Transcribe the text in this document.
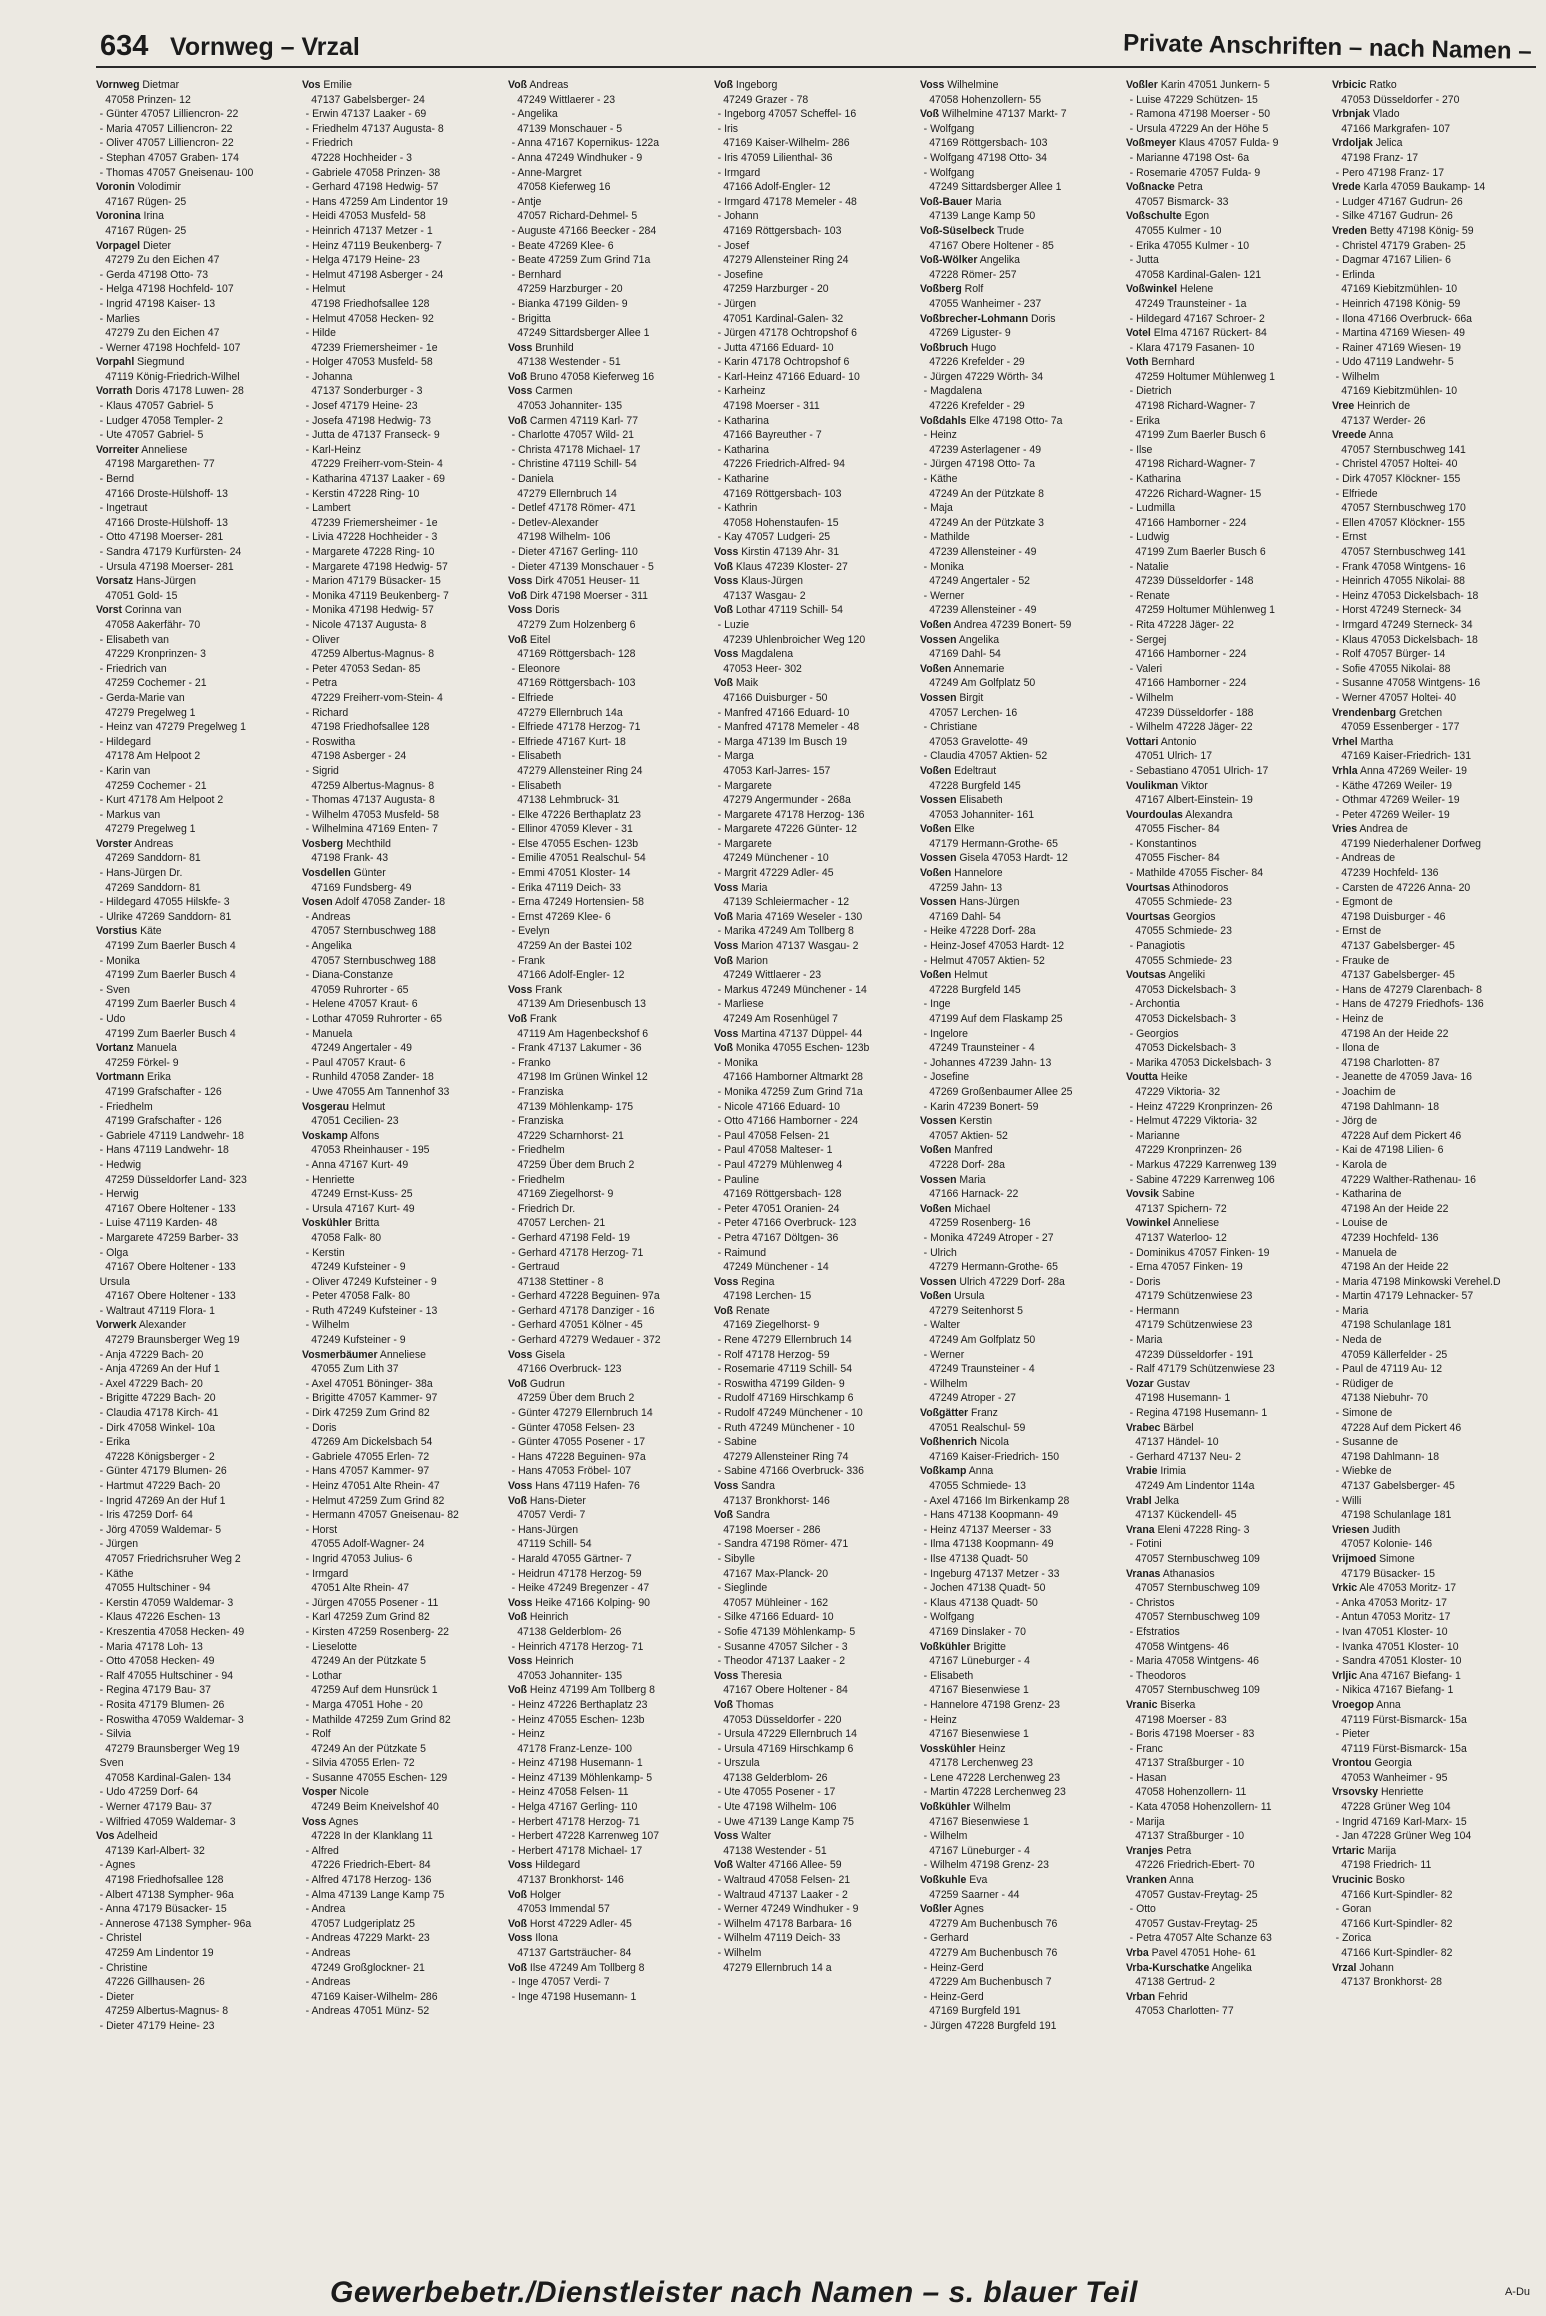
634 Vornweg – Vrzal	Private Anschriften – nach Namen –
Vornweg Dietmar
47058 Prinzen- 12
- Günter 47057 Lilliencron- 22
- Maria 47057 Lilliencron- 22
- Oliver 47057 Lilliencron- 22
- Stephan 47057 Graben- 174
- Thomas 47057 Gneisenau- 100
Voronin Volodimir
47167 Rügen- 25
Voronina Irina
47167 Rügen- 25
Vorpagel Dieter
47279 Zu den Eichen 47
- Gerda 47198 Otto- 73
- Helga 47198 Hochfeld- 107
- Ingrid 47198 Kaiser- 13
- Marlies
47279 Zu den Eichen 47
- Werner 47198 Hochfeld- 107
Vorpahl Siegmund
47119 König-Friedrich-Wilhel
Vorrath Doris 47178 Luwen- 28
- Klaus 47057 Gabriel- 5
- Ludger 47058 Templer- 2
- Ute 47057 Gabriel- 5
Vorreiter Anneliese
47198 Margarethen- 77
- Bernd
47166 Droste-Hülshoff- 13
- Ingetraut
47166 Droste-Hülshoff- 13
- Otto 47198 Moerser- 281
- Sandra 47179 Kurfürsten- 24
- Ursula 47198 Moerser- 281
Vorsatz Hans-Jürgen
47051 Gold- 15
Vorst Corinna van
47058 Aakerfähr- 70
- Elisabeth van
47229 Kronprinzen- 3
- Friedrich van
47259 Cochemer - 21
- Gerda-Marie van
47279 Pregelweg 1
- Heinz van 47279 Pregelweg 1
- Hildegard
47178 Am Helpoot 2
- Karin van
47259 Cochemer - 21
- Kurt 47178 Am Helpoot 2
- Markus van
47279 Pregelweg 1
Vorster Andreas
47269 Sanddorn- 81
- Hans-Jürgen Dr.
47269 Sanddorn- 81
- Hildegard 47055 Hilskfe- 3
- Ulrike 47269 Sanddorn- 81
Vorstius Käte
47199 Zum Baerler Busch 4
- Monika
47199 Zum Baerler Busch 4
- Sven
47199 Zum Baerler Busch 4
- Udo
47199 Zum Baerler Busch 4
Vortanz Manuela
47259 Förkel- 9
Vortmann Erika
47199 Grafschafter - 126
- Friedhelm
47199 Grafschafter - 126
- Gabriele 47119 Landwehr- 18
- Hans 47119 Landwehr- 18
- Hedwig
47259 Düsseldorfer Land- 323
- Herwig
47167 Obere Holtener - 133
- Luise 47119 Karden- 48
- Margarete 47259 Barber- 33
- Olga
47167 Obere Holtener - 133
Ursula
47167 Obere Holtener - 133
- Waltraut 47119 Flora- 1
Vorwerk Alexander
47279 Braunsberger Weg 19
- Anja 47229 Bach- 20
- Anja 47269 An der Huf 1
- Axel 47229 Bach- 20
- Brigitte 47229 Bach- 20
- Claudia 47178 Kirch- 41
- Dirk 47058 Winkel- 10a
- Erika
47228 Königsberger - 2
- Günter 47179 Blumen- 26
- Hartmut 47229 Bach- 20
- Ingrid 47269 An der Huf 1
- Iris 47259 Dorf- 64
- Jörg 47059 Waldemar- 5
- Jürgen
47057 Friedrichsruher Weg 2
- Käthe
47055 Hultschiner - 94
- Kerstin 47059 Waldemar- 3
- Klaus 47226 Eschen- 13
- Kreszentia 47058 Hecken- 49
- Maria 47178 Loh- 13
- Otto 47058 Hecken- 49
- Ralf 47055 Hultschiner - 94
- Regina 47179 Bau- 37
- Rosita 47179 Blumen- 26
- Roswitha 47059 Waldemar- 3
- Silvia
47279 Braunsberger Weg 19
Sven
47058 Kardinal-Galen- 134
- Udo 47259 Dorf- 64
- Werner 47179 Bau- 37
- Wilfried 47059 Waldemar- 3
Vos Adelheid
47139 Karl-Albert- 32
- Agnes
47198 Friedhofsallee 128
- Albert 47138 Sympher- 96a
- Anna 47179 Büsacker- 15
- Annerose 47138 Sympher- 96a
- Christel
47259 Am Lindentor 19
- Christine
47226 Gillhausen- 26
- Dieter
47259 Albertus-Magnus- 8
- Dieter 47179 Heine- 23
Vos Emilie
47137 Gabelsberger- 24
- Erwin 47137 Laaker - 69
- Friedhelm 47137 Augusta- 8
- Friedrich
47228 Hochheider - 3
- Gabriele 47058 Prinzen- 38
- Gerhard 47198 Hedwig- 57
- Hans 47259 Am Lindentor 19
- Heidi 47053 Musfeld- 58
- Heinrich 47137 Metzer - 1
- Heinz 47119 Beukenberg- 7
- Helga 47179 Heine- 23
- Helmut 47198 Asberger - 24
- Helmut
47198 Friedhofsallee 128
- Helmut 47058 Hecken- 92
- Hilde
47239 Friemersheimer - 1e
- Holger 47053 Musfeld- 58
- Johanna
47137 Sonderburger - 3
- Josef 47179 Heine- 23
- Josefa 47198 Hedwig- 73
- Jutta de 47137 Franseck- 9
- Karl-Heinz
47229 Freiherr-vom-Stein- 4
- Katharina 47137 Laaker - 69
- Kerstin 47228 Ring- 10
- Lambert
47239 Friemersheimer - 1e
- Livia 47228 Hochheider - 3
- Margarete 47228 Ring- 10
- Margarete 47198 Hedwig- 57
- Marion 47179 Büsacker- 15
- Monika 47119 Beukenberg- 7
- Monika 47198 Hedwig- 57
- Nicole 47137 Augusta- 8
- Oliver
47259 Albertus-Magnus- 8
- Peter 47053 Sedan- 85
- Petra
47229 Freiherr-vom-Stein- 4
- Richard
47198 Friedhofsallee 128
- Roswitha
47198 Asberger - 24
- Sigrid
47259 Albertus-Magnus- 8
- Thomas 47137 Augusta- 8
- Wilhelm 47053 Musfeld- 58
- Wilhelmina 47169 Enten- 7
Vosberg Mechthild
47198 Frank- 43
Vosdellen Günter
47169 Fundsberg- 49
Vosen Adolf 47058 Zander- 18
- Andreas
47057 Sternbuschweg 188
- Angelika
47057 Sternbuschweg 188
- Diana-Constanze
47059 Ruhrorter - 65
- Helene 47057 Kraut- 6
- Lothar 47059 Ruhrorter - 65
- Manuela
47249 Angertaler - 49
- Paul 47057 Kraut- 6
- Runhild 47058 Zander- 18
- Uwe 47055 Am Tannenhof 33
Vosgerau Helmut
47051 Cecilien- 23
Voskamp Alfons
47053 Rheinhauser - 195
- Anna 47167 Kurt- 49
- Henriette
47249 Ernst-Kuss- 25
- Ursula 47167 Kurt- 49
Voskühler Britta
47058 Falk- 80
- Kerstin
47249 Kufsteiner - 9
- Oliver 47249 Kufsteiner - 9
- Peter 47058 Falk- 80
- Ruth 47249 Kufsteiner - 13
- Wilhelm
47249 Kufsteiner - 9
Vosmerbäumer Anneliese
47055 Zum Lith 37
- Axel 47051 Böninger- 38a
- Brigitte 47057 Kammer- 97
- Dirk 47259 Zum Grind 82
- Doris
47269 Am Dickelsbach 54
- Gabriele 47055 Erlen- 72
- Hans 47057 Kammer- 97
- Heinz 47051 Alte Rhein- 47
- Helmut 47259 Zum Grind 82
- Hermann 47057 Gneisenau- 82
- Horst
47055 Adolf-Wagner- 24
- Ingrid 47053 Julius- 6
- Irmgard
47051 Alte Rhein- 47
- Jürgen 47055 Posener - 11
- Karl 47259 Zum Grind 82
- Kirsten 47259 Rosenberg- 22
- Lieselotte
47249 An der Pützkate 5
- Lothar
47259 Auf dem Hunsrück 1
- Marga 47051 Hohe - 20
- Mathilde 47259 Zum Grind 82
- Rolf
47249 An der Pützkate 5
- Silvia 47055 Erlen- 72
- Susanne 47055 Eschen- 129
Vosper Nicole
47249 Beim Kneivelshof 40
Voss Agnes
47228 In der Klanklang 11
- Alfred
47226 Friedrich-Ebert- 84
- Alfred 47178 Herzog- 136
- Alma 47139 Lange Kamp 75
- Andrea
47057 Ludgeriplatz 25
- Andreas 47229 Markt- 23
- Andreas
47249 Großglockner- 21
- Andreas
47169 Kaiser-Wilhelm- 286
- Andreas 47051 Münz- 52
Voß Andreas
47249 Wittlaerer - 23
- Angelika
47139 Monschauer - 5
- Anna 47167 Kopernikus- 122a
- Anna 47249 Windhuker - 9
- Anne-Margret
47058 Kieferweg 16
- Antje
47057 Richard-Dehmel- 5
- Auguste 47166 Beecker - 284
- Beate 47269 Klee- 6
- Beate 47259 Zum Grind 71a
- Bernhard
47259 Harzburger - 20
- Bianka 47199 Gilden- 9
- Brigitta
47249 Sittardsberger Allee 1
Voss Brunhild
47138 Westender - 51
Voß Bruno 47058 Kieferweg 16
Voss Carmen
47053 Johanniter- 135
Voß Carmen 47119 Karl- 77
- Charlotte 47057 Wild- 21
- Christa 47178 Michael- 17
- Christine 47119 Schill- 54
- Daniela
47279 Ellernbruch 14
- Detlef 47178 Römer- 471
- Detlev-Alexander
47198 Wilhelm- 106
- Dieter 47167 Gerling- 110
- Dieter 47139 Monschauer - 5
Voss Dirk 47051 Heuser- 11
Voß Dirk 47198 Moerser - 311
Voss Doris
47279 Zum Holzenberg 6
Voß Eitel
47169 Röttgersbach- 128
- Eleonore
47169 Röttgersbach- 103
- Elfriede
47279 Ellernbruch 14a
- Elfriede 47178 Herzog- 71
- Elfriede 47167 Kurt- 18
- Elisabeth
47279 Allensteiner Ring 24
- Elisabeth
47138 Lehmbruck- 31
- Elke 47226 Berthaplatz 23
- Ellinor 47059 Klever - 31
- Else 47055 Eschen- 123b
- Emilie 47051 Realschul- 54
- Emmi 47051 Kloster- 14
- Erika 47119 Deich- 33
- Erna 47249 Hortensien- 58
- Ernst 47269 Klee- 6
- Evelyn
47259 An der Bastei 102
- Frank
47166 Adolf-Engler- 12
Voss Frank
47139 Am Driesenbusch 13
Voß Frank
47119 Am Hagenbeckshof 6
- Frank 47137 Lakumer - 36
- Franko
47198 Im Grünen Winkel 12
- Franziska
47139 Möhlenkamp- 175
- Franziska
47229 Scharnhorst- 21
- Friedhelm
47259 Über dem Bruch 2
- Friedhelm
47169 Ziegelhorst- 9
- Friedrich Dr.
47057 Lerchen- 21
- Gerhard 47198 Feld- 19
- Gerhard 47178 Herzog- 71
- Gertraud
47138 Stettiner - 8
- Gerhard 47228 Beguinen- 97a
- Gerhard 47178 Danziger - 16
- Gerhard 47051 Kölner - 45
- Gerhard 47279 Wedauer - 372
Voss Gisela
47166 Overbruck- 123
Voß Gudrun
47259 Über dem Bruch 2
- Günter 47279 Ellernbruch 14
- Günter 47058 Felsen- 23
- Günter 47055 Posener - 17
- Hans 47228 Beguinen- 97a
- Hans 47053 Fröbel- 107
Voss Hans 47119 Hafen- 76
Voß Hans-Dieter
47057 Verdi- 7
- Hans-Jürgen
47119 Schill- 54
- Harald 47055 Gärtner- 7
- Heidrun 47178 Herzog- 59
- Heike 47249 Bregenzer - 47
Voss Heike 47166 Kolping- 90
Voß Heinrich
47138 Gelderblom- 26
- Heinrich 47178 Herzog- 71
Voss Heinrich
47053 Johanniter- 135
Voß Heinz 47199 Am Tollberg 8
- Heinz 47226 Berthaplatz 23
- Heinz 47055 Eschen- 123b
- Heinz
47178 Franz-Lenze- 100
- Heinz 47198 Husemann- 1
- Heinz 47139 Möhlenkamp- 5
- Heinz 47058 Felsen- 11
- Helga 47167 Gerling- 110
- Herbert 47178 Herzog- 71
- Herbert 47228 Karrenweg 107
- Herbert 47178 Michael- 17
Voss Hildegard
47137 Bronkhorst- 146
Voß Holger
47053 Immendal 57
Voß Horst 47229 Adler- 45
Voss Ilona
47137 Gartsträucher- 84
Voß Ilse 47249 Am Tollberg 8
- Inge 47057 Verdi- 7
- Inge 47198 Husemann- 1
Voß Ingeborg
47249 Grazer - 78
- Ingeborg 47057 Scheffel- 16
- Iris
47169 Kaiser-Wilhelm- 286
- Iris 47059 Lilienthal- 36
- Irmgard
47166 Adolf-Engler- 12
- Irmgard 47178 Memeler - 48
- Johann
47169 Röttgersbach- 103
- Josef
47279 Allensteiner Ring 24
- Josefine
47259 Harzburger - 20
- Jürgen
47051 Kardinal-Galen- 32
- Jürgen 47178 Ochtropshof 6
- Jutta 47166 Eduard- 10
- Karin 47178 Ochtropshof 6
- Karl-Heinz 47166 Eduard- 10
- Karheinz
47198 Moerser - 311
- Katharina
47166 Bayreuther - 7
- Katharina
47226 Friedrich-Alfred- 94
- Katharine
47169 Röttgersbach- 103
- Kathrin
47058 Hohenstaufen- 15
- Kay 47057 Ludgeri- 25
Voss Kirstin 47139 Ahr- 31
Voß Klaus 47239 Kloster- 27
Voss Klaus-Jürgen
47137 Wasgau- 2
Voß Lothar 47119 Schill- 54
- Luzie
47239 Uhlenbroicher Weg 120
Voss Magdalena
47053 Heer- 302
Voß Maik
47166 Duisburger - 50
- Manfred 47166 Eduard- 10
- Manfred 47178 Memeler - 48
- Marga 47139 Im Busch 19
- Marga
47053 Karl-Jarres- 157
- Margarete
47279 Angermunder - 268a
- Margarete 47178 Herzog- 136
- Margarete 47226 Günter- 12
- Margarete
47249 Münchener - 10
- Margrit 47229 Adler- 45
Voss Maria
47139 Schleiermacher - 12
Voß Maria 47169 Weseler - 130
- Marika 47249 Am Tollberg 8
Voss Marion 47137 Wasgau- 2
Voß Marion
47249 Wittlaerer - 23
- Markus 47249 Münchener - 14
- Marliese
47249 Am Rosenhügel 7
Voss Martina 47137 Düppel- 44
Voß Monika 47055 Eschen- 123b
- Monika
47166 Hamborner Altmarkt 28
- Monika 47259 Zum Grind 71a
- Nicole 47166 Eduard- 10
- Otto 47166 Hamborner - 224
- Paul 47058 Felsen- 21
- Paul 47058 Malteser- 1
- Paul 47279 Mühlenweg 4
- Pauline
47169 Röttgersbach- 128
- Peter 47051 Oranien- 24
- Peter 47166 Overbruck- 123
- Petra 47167 Döltgen- 36
- Raimund
47249 Münchener - 14
Voss Regina
47198 Lerchen- 15
Voß Renate
47169 Ziegelhorst- 9
- Rene 47279 Ellernbruch 14
- Rolf 47178 Herzog- 59
- Rosemarie 47119 Schill- 54
- Roswitha 47199 Gilden- 9
- Rudolf 47169 Hirschkamp 6
- Rudolf 47249 Münchener - 10
- Ruth 47249 Münchener - 10
- Sabine
47279 Allensteiner Ring 74
- Sabine 47166 Overbruck- 336
Voss Sandra
47137 Bronkhorst- 146
Voß Sandra
47198 Moerser - 286
- Sandra 47198 Römer- 471
- Sibylle
47167 Max-Planck- 20
- Sieglinde
47057 Mühleiner - 162
- Silke 47166 Eduard- 10
- Sofie 47139 Möhlenkamp- 5
- Susanne 47057 Silcher - 3
- Theodor 47137 Laaker - 2
Voss Theresia
47167 Obere Holtener - 84
Voß Thomas
47053 Düsseldorfer - 220
- Ursula 47229 Ellernbruch 14
- Ursula 47169 Hirschkamp 6
- Urszula
47138 Gelderblom- 26
- Ute 47055 Posener - 17
- Ute 47198 Wilhelm- 106
- Uwe 47139 Lange Kamp 75
Voss Walter
47138 Westender - 51
Voß Walter 47166 Allee- 59
- Waltraud 47058 Felsen- 21
- Waltraud 47137 Laaker - 2
- Werner 47249 Windhuker - 9
- Wilhelm 47178 Barbara- 16
- Wilhelm 47119 Deich- 33
- Wilhelm
47279 Ellernbruch 14 a
Voss Wilhelmine
47058 Hohenzollern- 55
Voß Wilhelmine 47137 Markt- 7
- Wolfgang
47169 Röttgersbach- 103
- Wolfgang 47198 Otto- 34
- Wolfgang
47249 Sittardsberger Allee 1
Voß-Bauer Maria
47139 Lange Kamp 50
Voß-Süselbeck Trude
47167 Obere Holtener - 85
Voß-Wölker Angelika
47228 Römer- 257
Voßberg Rolf
47055 Wanheimer - 237
Voßbrecher-Lohmann Doris
47269 Liguster- 9
Voßbruch Hugo
47226 Krefelder - 29
- Jürgen 47229 Wörth- 34
- Magdalena
47226 Krefelder - 29
Voßdahls Elke 47198 Otto- 7a
- Heinz
47239 Asterlagener - 49
- Jürgen 47198 Otto- 7a
- Käthe
47249 An der Pützkate 8
- Maja
47249 An der Pützkate 3
- Mathilde
47239 Allensteiner - 49
- Monika
47249 Angertaler - 52
- Werner
47239 Allensteiner - 49
Voßen Andrea 47239 Bonert- 59
Vossen Angelika
47169 Dahl- 54
Voßen Annemarie
47249 Am Golfplatz 50
Vossen Birgit
47057 Lerchen- 16
- Christiane
47053 Gravelotte- 49
- Claudia 47057 Aktien- 52
Voßen Edeltraut
47228 Burgfeld 145
Vossen Elisabeth
47053 Johanniter- 161
Voßen Elke
47179 Hermann-Grothe- 65
Vossen Gisela 47053 Hardt- 12
Voßen Hannelore
47259 Jahn- 13
Vossen Hans-Jürgen
47169 Dahl- 54
- Heike 47228 Dorf- 28a
- Heinz-Josef 47053 Hardt- 12
- Helmut 47057 Aktien- 52
Voßen Helmut
47228 Burgfeld 145
- Inge
47199 Auf dem Flaskamp 25
- Ingelore
47249 Traunsteiner - 4
- Johannes 47239 Jahn- 13
- Josefine
47269 Großenbaumer Allee 25
- Karin 47239 Bonert- 59
Vossen Kerstin
47057 Aktien- 52
Voßen Manfred
47228 Dorf- 28a
Vossen Maria
47166 Harnack- 22
Voßen Michael
47259 Rosenberg- 16
- Monika 47249 Atroper - 27
- Ulrich
47279 Hermann-Grothe- 65
Vossen Ulrich 47229 Dorf- 28a
Voßen Ursula
47279 Seitenhorst 5
- Walter
47249 Am Golfplatz 50
- Werner
47249 Traunsteiner - 4
- Wilhelm
47249 Atroper - 27
Voßgätter Franz
47051 Realschul- 59
Voßhenrich Nicola
47169 Kaiser-Friedrich- 150
Voßkamp Anna
47055 Schmiede- 13
- Axel 47166 Im Birkenkamp 28
- Hans 47138 Koopmann- 49
- Heinz 47137 Meerser - 33
- Ilma 47138 Koopmann- 49
- Ilse 47138 Quadt- 50
- Ingeburg 47137 Metzer - 33
- Jochen 47138 Quadt- 50
- Klaus 47138 Quadt- 50
- Wolfgang
47169 Dinslaker - 70
Voßkühler Brigitte
47167 Lüneburger - 4
- Elisabeth
47167 Biesenwiese 1
- Hannelore 47198 Grenz- 23
- Heinz
47167 Biesenwiese 1
Vosskühler Heinz
47178 Lerchenweg 23
- Lene 47228 Lerchenweg 23
- Martin 47228 Lerchenweg 23
Voßkühler Wilhelm
47167 Biesenwiese 1
- Wilhelm
47167 Lüneburger - 4
- Wilhelm 47198 Grenz- 23
Voßkuhle Eva
47259 Saarner - 44
Voßler Agnes
47279 Am Buchenbusch 76
- Gerhard
47279 Am Buchenbusch 76
- Heinz-Gerd
47229 Am Buchenbusch 7
- Heinz-Gerd
47169 Burgfeld 191
- Jürgen 47228 Burgfeld 191
Voßler Karin 47051 Junkern- 5
- Luise 47229 Schützen- 15
- Ramona 47198 Moerser - 50
- Ursula 47229 An der Höhe 5
Voßmeyer Klaus 47057 Fulda- 9
- Marianne 47198 Ost- 6a
- Rosemarie 47057 Fulda- 9
Voßnacke Petra
47057 Bismarck- 33
Voßschulte Egon
47055 Kulmer - 10
- Erika 47055 Kulmer - 10
- Jutta
47058 Kardinal-Galen- 121
Voßwinkel Helene
47249 Traunsteiner - 1a
- Hildegard 47167 Schroer- 2
Votel Elma 47167 Rückert- 84
- Klara 47179 Fasanen- 10
Voth Bernhard
47259 Holtumer Mühlenweg 1
- Dietrich
47198 Richard-Wagner- 7
- Erika
47199 Zum Baerler Busch 6
- Ilse
47198 Richard-Wagner- 7
- Katharina
47226 Richard-Wagner- 15
- Ludmilla
47166 Hamborner - 224
- Ludwig
47199 Zum Baerler Busch 6
- Natalie
47239 Düsseldorfer - 148
- Renate
47259 Holtumer Mühlenweg 1
- Rita 47228 Jäger- 22
- Sergej
47166 Hamborner - 224
- Valeri
47166 Hamborner - 224
- Wilhelm
47239 Düsseldorfer - 188
- Wilhelm 47228 Jäger- 22
Vottari Antonio
47051 Ulrich- 17
- Sebastiano 47051 Ulrich- 17
Voulikman Viktor
47167 Albert-Einstein- 19
Vourdoulas Alexandra
47055 Fischer- 84
- Konstantinos
47055 Fischer- 84
- Mathilde 47055 Fischer- 84
Vourtsas Athinodoros
47055 Schmiede- 23
Vourtsas Georgios
47055 Schmiede- 23
- Panagiotis
47055 Schmiede- 23
Voutsas Angeliki
47053 Dickelsbach- 3
- Archontia
47053 Dickelsbach- 3
- Georgios
47053 Dickelsbach- 3
- Marika 47053 Dickelsbach- 3
Voutta Heike
47229 Viktoria- 32
- Heinz 47229 Kronprinzen- 26
- Helmut 47229 Viktoria- 32
- Marianne
47229 Kronprinzen- 26
- Markus 47229 Karrenweg 139
- Sabine 47229 Karrenweg 106
Vovsik Sabine
47137 Spichern- 72
Vowinkel Anneliese
47137 Waterloo- 12
- Dominikus 47057 Finken- 19
- Erna 47057 Finken- 19
- Doris
47179 Schützenwiese 23
- Hermann
47179 Schützenwiese 23
- Maria
47239 Düsseldorfer - 191
- Ralf 47179 Schützenwiese 23
Vozar Gustav
47198 Husemann- 1
- Regina 47198 Husemann- 1
Vrabec Bärbel
47137 Händel- 10
- Gerhard 47137 Neu- 2
Vrabie Irimia
47249 Am Lindentor 114a
Vrabl Jelka
47137 Kückendell- 45
Vrana Eleni 47228 Ring- 3
- Fotini
47057 Sternbuschweg 109
Vranas Athanasios
47057 Sternbuschweg 109
- Christos
47057 Sternbuschweg 109
- Efstratios
47058 Wintgens- 46
- Maria 47058 Wintgens- 46
- Theodoros
47057 Sternbuschweg 109
Vranic Biserka
47198 Moerser - 83
- Boris 47198 Moerser - 83
- Franc
47137 Straßburger - 10
- Hasan
47058 Hohenzollern- 11
- Kata 47058 Hohenzollern- 11
- Marija
47137 Straßburger - 10
Vranjes Petra
47226 Friedrich-Ebert- 70
Vranken Anna
47057 Gustav-Freytag- 25
- Otto
47057 Gustav-Freytag- 25
- Petra 47057 Alte Schanze 63
Vrba Pavel 47051 Hohe- 61
Vrba-Kurschatke Angelika
47138 Gertrud- 2
Vrban Fehrid
47053 Charlotten- 77
Vrbicic Ratko
47053 Düsseldorfer - 270
Vrbnjak Vlado
47166 Markgrafen- 107
Vrdoljak Jelica
47198 Franz- 17
- Pero 47198 Franz- 17
Vrede Karla 47059 Baukamp- 14
- Ludger 47167 Gudrun- 26
- Silke 47167 Gudrun- 26
Vreden Betty 47198 König- 59
- Christel 47179 Graben- 25
- Dagmar 47167 Lilien- 6
- Erlinda
47169 Kiebitzmühlen- 10
- Heinrich 47198 König- 59
- Ilona 47166 Overbruck- 66a
- Martina 47169 Wiesen- 49
- Rainer 47169 Wiesen- 19
- Udo 47119 Landwehr- 5
- Wilhelm
47169 Kiebitzmühlen- 10
Vree Heinrich de
47137 Werder- 26
Vreede Anna
47057 Sternbuschweg 141
- Christel 47057 Holtei- 40
- Dirk 47057 Klöckner- 155
- Elfriede
47057 Sternbuschweg 170
- Ellen 47057 Klöckner- 155
- Ernst
47057 Sternbuschweg 141
- Frank 47058 Wintgens- 16
- Heinrich 47055 Nikolai- 88
- Heinz 47053 Dickelsbach- 18
- Horst 47249 Sterneck- 34
- Irmgard 47249 Sterneck- 34
- Klaus 47053 Dickelsbach- 18
- Rolf 47057 Bürger- 14
- Sofie 47055 Nikolai- 88
- Susanne 47058 Wintgens- 16
- Werner 47057 Holtei- 40
Vrendenbarg Gretchen
47059 Essenberger - 177
Vrhel Martha
47169 Kaiser-Friedrich- 131
Vrhla Anna 47269 Weiler- 19
- Käthe 47269 Weiler- 19
- Othmar 47269 Weiler- 19
- Peter 47269 Weiler- 19
Vries Andrea de
47199 Niederhalener Dorfweg
- Andreas de
47239 Hochfeld- 136
- Carsten de 47226 Anna- 20
- Egmont de
47198 Duisburger - 46
- Ernst de
47137 Gabelsberger- 45
- Frauke de
47137 Gabelsberger- 45
- Hans de 47279 Clarenbach- 8
- Hans de 47279 Friedhofs- 136
- Heinz de
47198 An der Heide 22
- Ilona de
47198 Charlotten- 87
- Jeanette de 47059 Java- 16
- Joachim de
47198 Dahlmann- 18
- Jörg de
47228 Auf dem Pickert 46
- Kai de 47198 Lilien- 6
- Karola de
47229 Walther-Rathenau- 16
- Katharina de
47198 An der Heide 22
- Louise de
47239 Hochfeld- 136
- Manuela de
47198 An der Heide 22
- Maria 47198 Minkowski Verehel.D
- Martin 47179 Lehnacker- 57
- Maria
47198 Schulanlage 181
- Neda de
47059 Källerfelder - 25
- Paul de 47119 Au- 12
- Rüdiger de
47138 Niebuhr- 70
- Simone de
47228 Auf dem Pickert 46
- Susanne de
47198 Dahlmann- 18
- Wiebke de
47137 Gabelsberger- 45
- Willi
47198 Schulanlage 181
Vriesen Judith
47057 Kolonie- 146
Vrijmoed Simone
47179 Büsacker- 15
Vrkic Ale 47053 Moritz- 17
- Anka 47053 Moritz- 17
- Antun 47053 Moritz- 17
- Ivan 47051 Kloster- 10
- Ivanka 47051 Kloster- 10
- Sandra 47051 Kloster- 10
Vrljic Ana 47167 Biefang- 1
- Nikica 47167 Biefang- 1
Vroegop Anna
47119 Fürst-Bismarck- 15a
- Pieter
47119 Fürst-Bismarck- 15a
Vrontou Georgia
47053 Wanheimer - 95
Vrsovsky Henriette
47228 Grüner Weg 104
- Ingrid 47169 Karl-Marx- 15
- Jan 47228 Grüner Weg 104
Vrtaric Marija
47198 Friedrich- 11
Vrucinic Bosko
47166 Kurt-Spindler- 82
- Goran
47166 Kurt-Spindler- 82
- Zorica
47166 Kurt-Spindler- 82
Vrzal Johann
47137 Bronkhorst- 28
Gewerbebetr./Dienstleister nach Namen – s. blauer Teil	A-Du
